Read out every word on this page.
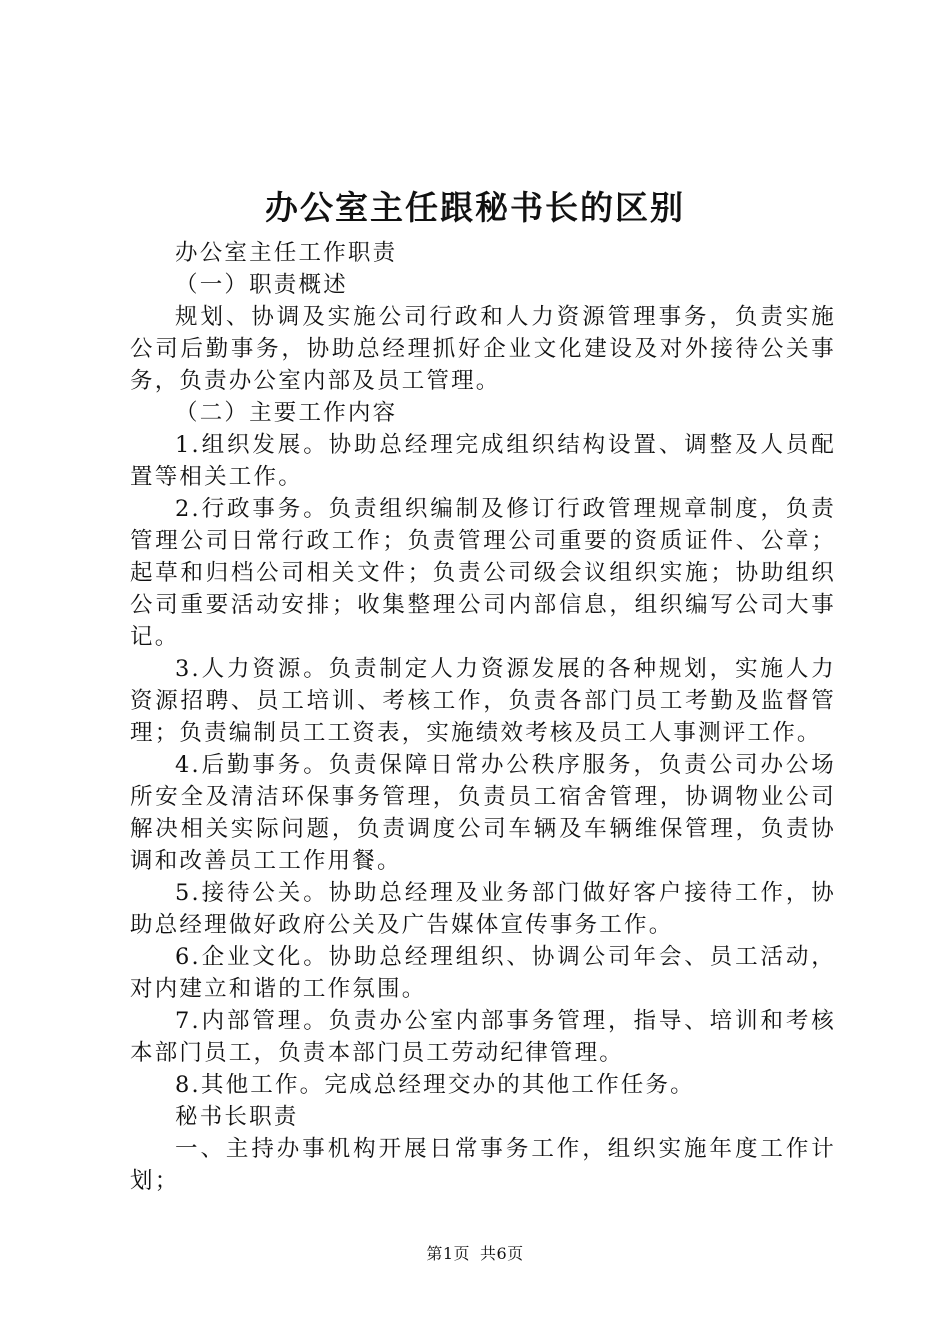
办公室主任跟秘书长的区别

办公室主任工作职责

（一）职责概述

规划、协调及实施公司行政和人力资源管理事务，负责实施公司后勤事务，协助总经理抓好企业文化建设及对外接待公关事务，负责办公室内部及员工管理。

（二）主要工作内容

1.组织发展。协助总经理完成组织结构设置、调整及人员配置等相关工作。

2.行政事务。负责组织编制及修订行政管理规章制度，负责管理公司日常行政工作；负责管理公司重要的资质证件、公章；起草和归档公司相关文件；负责公司级会议组织实施；协助组织公司重要活动安排；收集整理公司内部信息，组织编写公司大事记。

3.人力资源。负责制定人力资源发展的各种规划，实施人力资源招聘、员工培训、考核工作，负责各部门员工考勤及监督管理；负责编制员工工资表，实施绩效考核及员工人事测评工作。

4.后勤事务。负责保障日常办公秩序服务，负责公司办公场所安全及清洁环保事务管理，负责员工宿舍管理，协调物业公司解决相关实际问题，负责调度公司车辆及车辆维保管理，负责协调和改善员工工作用餐。

5.接待公关。协助总经理及业务部门做好客户接待工作，协助总经理做好政府公关及广告媒体宣传事务工作。

6.企业文化。协助总经理组织、协调公司年会、员工活动，对内建立和谐的工作氛围。

7.内部管理。负责办公室内部事务管理，指导、培训和考核本部门员工，负责本部门员工劳动纪律管理。

8.其他工作。完成总经理交办的其他工作任务。

秘书长职责

一、主持办事机构开展日常事务工作，组织实施年度工作计划；

第1页 共6页
